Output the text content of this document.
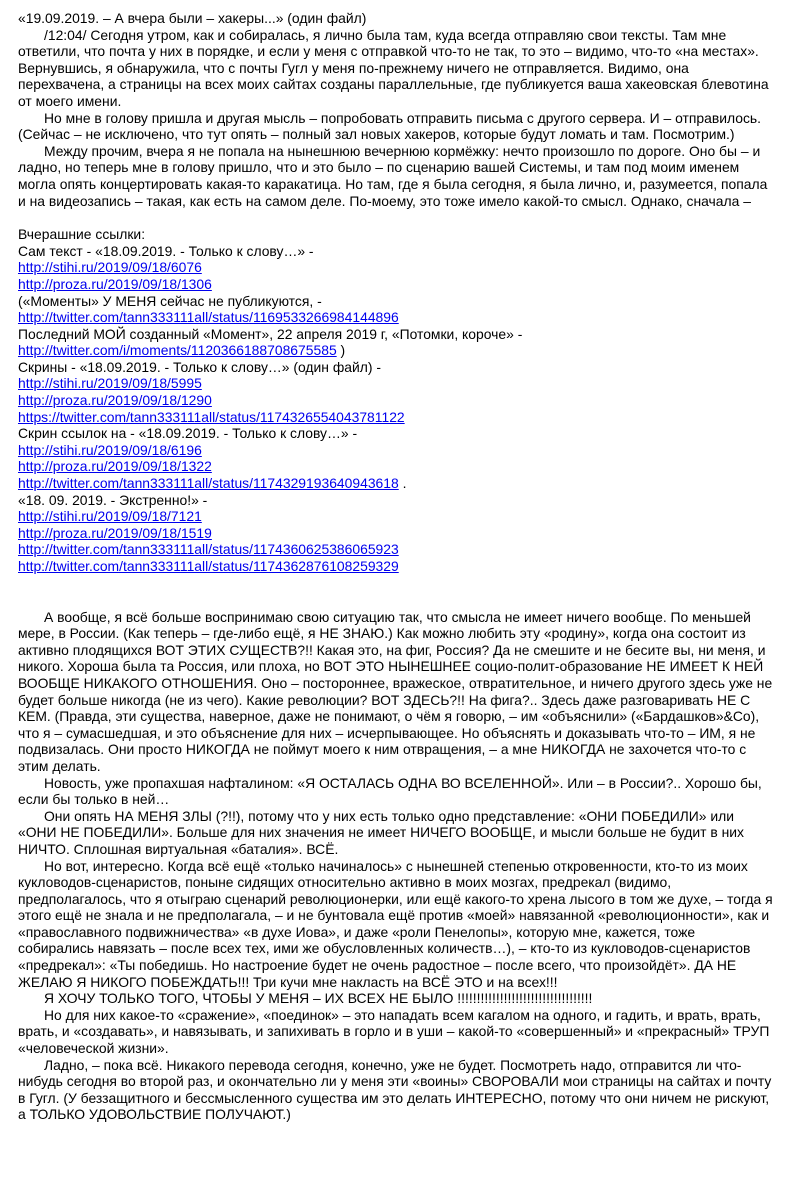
«19.09.2019. – А вчера были – хакеры...» (один файл)

/12:04/ Сегодня утром, как и собиралась, я лично была там, куда всегда отправляю свои тексты. Там мне ответили, что почта у них в порядке, и если у меня с отправкой что-то не так, то это – видимо, что-то «на местах». Вернувшись, я обнаружила, что с почты Гугл у меня по-прежнему ничего не отправляется. Видимо, она перехвачена, а страницы на всех моих сайтах созданы параллельные, где публикуется ваша хакеовская блевотина от моего имени.

Но мне в голову пришла и другая мысль – попробовать отправить письма с другого сервера. И – отправилось. (Сейчас – не исключено, что тут опять – полный зал новых хакеров, которые будут ломать и там. Посмотрим.)

Между прочим, вчера я не попала на нынешнюю вечернюю кормёжку: нечто произошло по дороге. Оно бы – и ладно, но теперь мне в голову пришло, что и это было – по сценарию вашей Системы, и там под моим именем могла опять концертировать какая-то каракатица. Но там, где я была сегодня, я была лично, и, разумеется, попала и на видеозапись – такая, как есть на самом деле. По-моему, это тоже имело какой-то смысл. Однако, сначала –

Вчерашние ссылки:
Сам текст - «18.09.2019. - Только к слову…» -
http://stihi.ru/2019/09/18/6076
http://proza.ru/2019/09/18/1306
(«Моменты» У МЕНЯ сейчас не публикуются, -
http://twitter.com/tann333111all/status/1169533266984144896
Последний МОЙ созданный «Момент», 22 апреля 2019 г, «Потомки, короче» -
http://twitter.com/i/moments/1120366188708675585 )
Скрины - «18.09.2019. - Только к слову…» (один файл) -
http://stihi.ru/2019/09/18/5995
http://proza.ru/2019/09/18/1290
https://twitter.com/tann333111all/status/1174326554043781122
Скрин ссылок на - «18.09.2019. - Только к слову…» -
http://stihi.ru/2019/09/18/6196
http://proza.ru/2019/09/18/1322
http://twitter.com/tann333111all/status/1174329193640943618 .
«18. 09. 2019. - Экстренно!» -
http://stihi.ru/2019/09/18/7121
http://proza.ru/2019/09/18/1519
http://twitter.com/tann333111all/status/1174360625386065923
http://twitter.com/tann333111all/status/1174362876108259329

А вообще, я всё больше воспринимаю свою ситуацию так, что смысла не имеет ничего вообще. По меньшей мере, в России. (Как теперь – где-либо ещё, я НЕ ЗНАЮ.) Как можно любить эту «родину», когда она состоит из активно плодящихся ВОТ ЭТИХ СУЩЕСТВ?!! Какая это, на фиг, Россия? Да не смешите и не бесите вы, ни меня, и никого. Хороша была та Россия, или плоха, но ВОТ ЭТО НЫНЕШНЕЕ социо-полит-образование НЕ ИМЕЕТ К НЕЙ ВООБЩЕ НИКАКОГО ОТНОШЕНИЯ. Оно – постороннее, вражеское, отвратительное, и ничего другого здесь уже не будет больше никогда (не из чего). Какие революции? ВОТ ЗДЕСЬ?!! На фига?.. Здесь даже разговаривать НЕ С КЕМ. (Правда, эти существа, наверное, даже не понимают, о чём я говорю, – им «объяснили» («Бардашков»&Co), что я – сумасшедшая, и это объяснение для них – исчерпывающее. Но объяснять и доказывать что-то – ИМ, я не подвизалась. Они просто НИКОГДА не поймут моего к ним отвращения, – а мне НИКОГДА не захочется что-то с этим делать.

Новость, уже пропахшая нафталином: «Я ОСТАЛАСЬ ОДНА ВО ВСЕЛЕННОЙ». Или – в России?.. Хорошо бы, если бы только в ней…

Они опять НА МЕНЯ ЗЛЫ (?!!), потому что у них есть только одно представление: «ОНИ ПОБЕДИЛИ» или «ОНИ НЕ ПОБЕДИЛИ». Больше для них значения не имеет НИЧЕГО ВООБЩЕ, и мысли больше не будит в них НИЧТО. Сплошная виртуальная «баталия». ВСЁ.

Но вот, интересно. Когда всё ещё «только начиналось» с нынешней степенью откровенности, кто-то из моих кукловодов-сценаристов, поныне сидящих относительно активно в моих мозгах, предрекал (видимо, предполагалось, что я отыграю сценарий революционерки, или ещё какого-то хрена лысого в том же духе, – тогда я этого ещё не знала и не предполагала, – и не бунтовала ещё против «моей» навязанной «революционности», как и «православного подвижничества» «в духе Иова», и даже «роли Пенелопы», которую мне, кажется, тоже собирались навязать – после всех тех, ими же обусловленных количеств…), – кто-то из кукловодов-сценаристов «предрекал»: «Ты победишь. Но настроение будет не очень радостное – после всего, что произойдёт». ДА НЕ ЖЕЛАЮ Я НИКОГО ПОБЕЖДАТЬ!!! Три кучи мне накласть на ВСЁ ЭТО и на всех!!!

Я ХОЧУ ТОЛЬКО ТОГО, ЧТОБЫ У МЕНЯ – ИХ ВСЕХ НЕ БЫЛО !!!!!!!!!!!!!!!!!!!!!!!!!!!!!!!!!!!

Но для них какое-то «сражение», «поединок» – это нападать всем кагалом на одного, и гадить, и врать, врать, врать, и «создавать», и навязывать, и запихивать в горло и в уши – какой-то «совершенный» и «прекрасный» ТРУП «человеческой жизни».

Ладно, – пока всё. Никакого перевода сегодня, конечно, уже не будет. Посмотреть надо, отправится ли что-нибудь сегодня во второй раз, и окончательно ли у меня эти «воины» СВОРОВАЛИ мои страницы на сайтах и почту в Гугл. (У беззащитного и бессмысленного существа им это делать ИНТЕРЕСНО, потому что они ничем не рискуют, а ТОЛЬКО УДОВОЛЬСТВИЕ ПОЛУЧАЮТ.)
